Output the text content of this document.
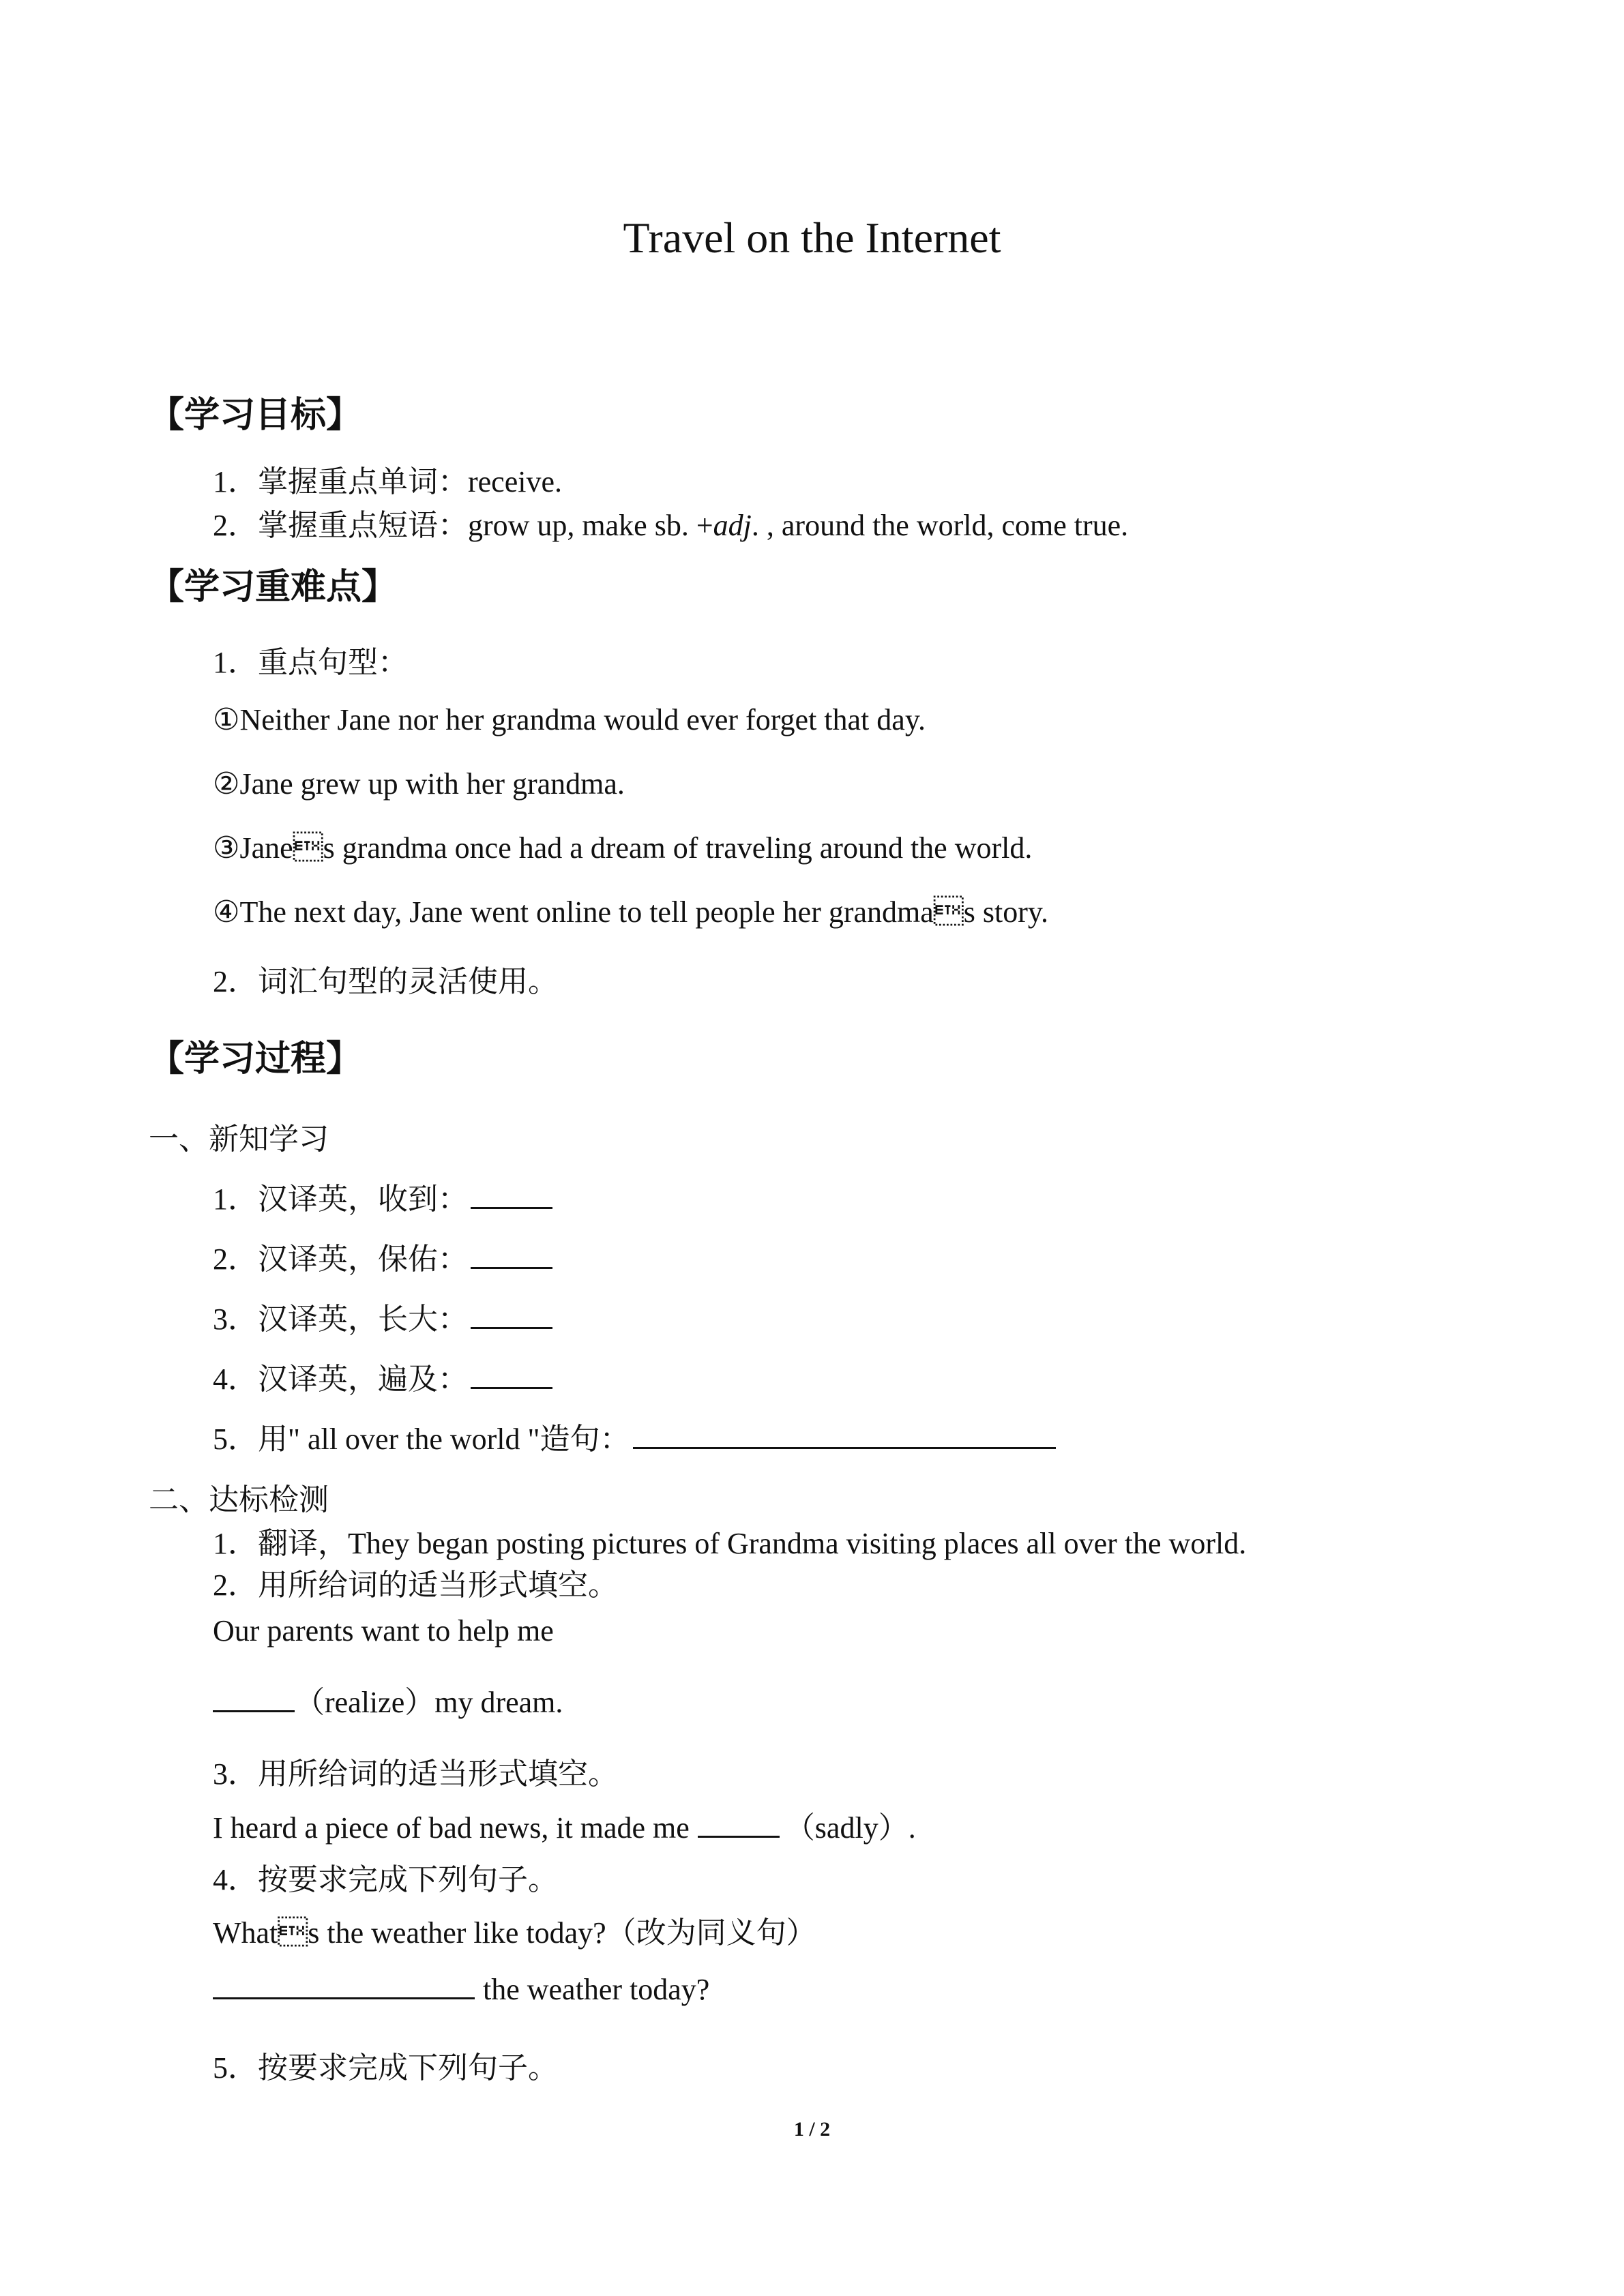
Travel on the Internet
【学习目标】
1．掌握重点单词：receive.
2．掌握重点短语：grow up, make sb. +adj. , around the world, come true.
【学习重难点】
1．重点句型：
①Neither Jane nor her grandma would ever forget that day.
②Jane grew up with her grandma.
③Janes grandma once had a dream of traveling around the world.
④The next day, Jane went online to tell people her grandmas story.
2．词汇句型的灵活使用。
【学习过程】
一、新知学习
1．汉译英，收到：
2．汉译英，保佑：
3．汉译英，长大：
4．汉译英，遍及：
5．用" all over the world "造句：
二、达标检测
1．翻译，They began posting pictures of Grandma visiting places all over the world.
2．用所给词的适当形式填空。
Our parents want to help me
（realize）my dream.
3．用所给词的适当形式填空。
I heard a piece of bad news, it made me	（sadly）.
4．按要求完成下列句子。
Whats the weather like today?（改为同义句）
the weather today?
5．按要求完成下列句子。
1 / 2
